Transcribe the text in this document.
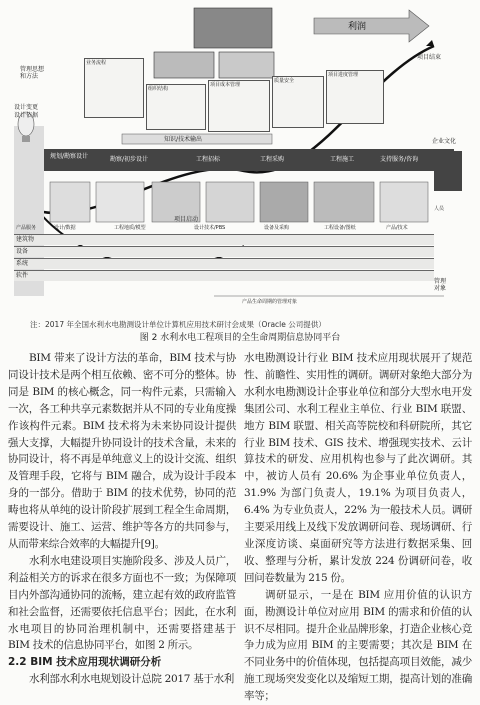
管理思想
和方法
设计依据
设计变更
利润
项目结束
企业文化
项目启动
管理
对象
知识/技术输出
业务流程
组织结构
项目成本管理
质量安全
项目进度管理
规划/勘察设计	勘察/初步设计	工程招标	工程采购	工程施工	支持服务/咨询
建筑物
设备
系统
软件
产品服务	设计/数据	工程地质/模型	设计技术/PBS	设备及采购	工程设备/图纸	产品/技术
产品生命周期的管理对象
人员
注：2017 年全国水利水电勘测设计单位计算机应用技术研讨会成果（Oracle 公司提供）
图 2 水利水电工程项目的全生命周期信息协同平台

BIM 带来了设计方法的革命，BIM 技术与协同设计技术是两个相互依赖、密不可分的整体。协同是 BIM 的核心概念，同一构件元素，只需输入一次，各工种共享元素数据并从不同的专业角度操作该构件元素。BIM 技术将为未来协同设计提供强大支撑，大幅提升协同设计的技术含量，未来的协同设计，将不再是单纯意义上的设计交流、组织及管理手段，它将与 BIM 融合，成为设计手段本身的一部分。借助于 BIM 的技术优势，协同的范畴也将从单纯的设计阶段扩展到工程全生命周期，需要设计、施工、运营、维护等各方的共同参与，从而带来综合效率的大幅提升[9]。

水利水电建设项目实施阶段多、涉及人员广，利益相关方的诉求在很多方面也不一致；为保障项目内外部沟通协同的流畅，建立起有效的政府监管和社会监督，还需要依托信息平台；因此，在水利水电项目的协同治理机制中，还需要搭建基于 BIM 技术的信息协同平台，如图 2 所示。

2.2 BIM 技术应用现状调研分析

水利部水利水电规划设计总院 2017 基于水利

水电勘测设计行业 BIM 技术应用现状展开了规范性、前瞻性、实用性的调研。调研对象绝大部分为水利水电勘测设计企事业单位和部分大型水电开发集团公司、水利工程业主单位、行业 BIM 联盟、地方 BIM 联盟、相关高等院校和科研院所，其它行业 BIM 技术、GIS 技术、增强现实技术、云计算技术的研发、应用机构也参与了此次调研。其中，被访人员有 20.6% 为企事业单位负责人，31.9% 为部门负责人，19.1% 为项目负责人，6.4% 为专业负责人，22% 为一般技术人员。调研主要采用线上及线下发放调研问卷、现场调研、行业深度访谈、桌面研究等方法进行数据采集、回收、整理与分析，累计发放 224 份调研问卷，收回问卷数量为 215 份。

调研显示，一是在 BIM 应用价值的认识方面，勘测设计单位对应用 BIM 的需求和价值的认识不尽相同。提升企业品牌形象，打造企业核心竞争力成为应用 BIM 的主要需要；其次是 BIM 在不同业务中的价值体现，包括提高项目效能，减少施工现场突发变化以及缩短工期，提高计划的准确率等；
